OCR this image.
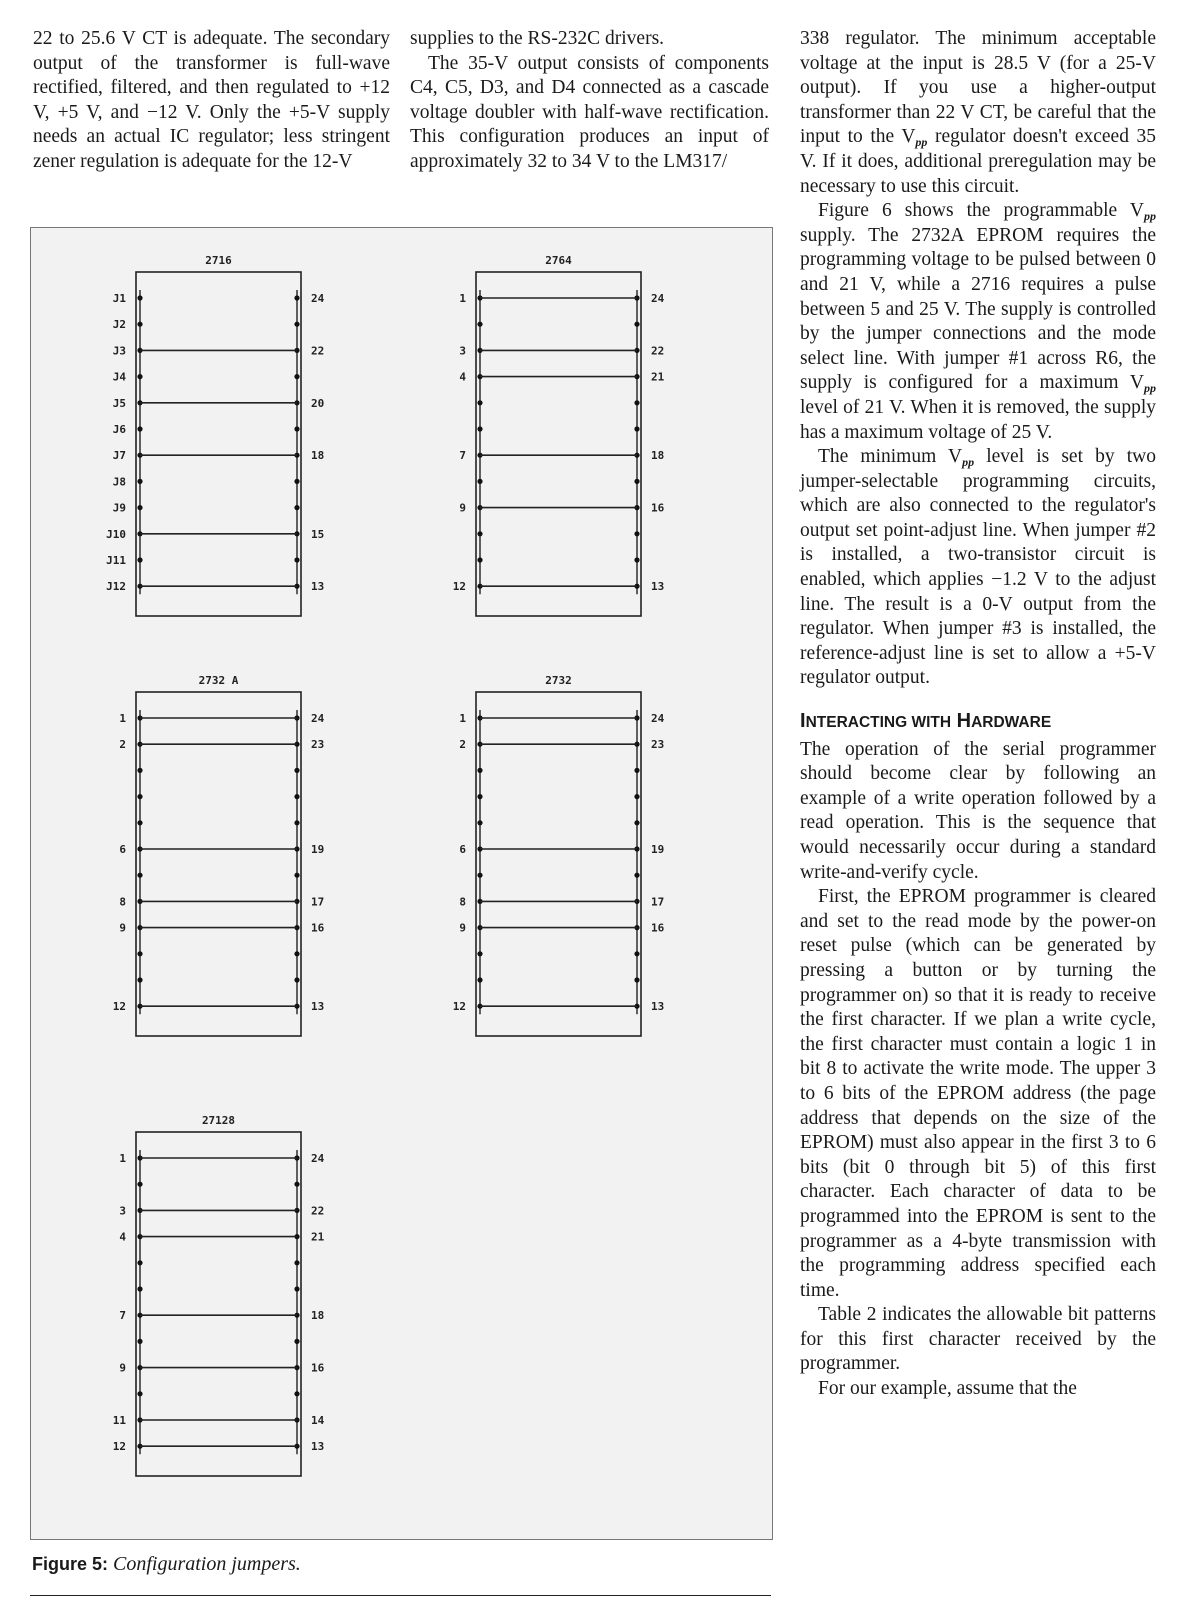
22 to 25.6 V CT is adequate. The secondary output of the transformer is full-wave rectified, filtered, and then regulated to +12 V, +5 V, and −12 V. Only the +5-V supply needs an actual IC regulator; less stringent zener regulation is adequate for the 12-V

supplies to the RS-232C drivers.

The 35-V output consists of components C4, C5, D3, and D4 connected as a cascade voltage doubler with half-wave rectification. This configuration produces an input of approximately 32 to 34 V to the LM317/

338 regulator. The minimum acceptable voltage at the input is 28.5 V (for a 25-V output). If you use a higher-output transformer than 22 V CT, be careful that the input to the $V_{pp}$ regulator doesn't exceed 35 V. If it does, additional preregulation may be necessary to use this circuit.

Figure 6 shows the programmable $V_{pp}$ supply. The 2732A EPROM requires the programming voltage to be pulsed between 0 and 21 V, while a 2716 requires a pulse between 5 and 25 V. The supply is controlled by the jumper connections and the mode select line. With jumper #1 across R6, the supply is configured for a maximum $V_{pp}$ level of 21 V. When it is removed, the supply has a maximum voltage of 25 V.

The minimum $V_{pp}$ level is set by two jumper-selectable programming circuits, which are also connected to the regulator's output set point-adjust line. When jumper #2 is installed, a two-transistor circuit is enabled, which applies −1.2 V to the adjust line. The result is a 0-V output from the regulator. When jumper #3 is installed, the reference-adjust line is set to allow a +5-V regulator output.

INTERACTING WITH HARDWARE

The operation of the serial programmer should become clear by following an example of a write operation followed by a read operation. This is the sequence that would necessarily occur during a standard write-and-verify cycle.

First, the EPROM programmer is cleared and set to the read mode by the power-on reset pulse (which can be generated by pressing a button or by turning the programmer on) so that it is ready to receive the first character. If we plan a write cycle, the first character must contain a logic 1 in bit 8 to activate the write mode. The upper 3 to 6 bits of the EPROM address (the page address that depends on the size of the EPROM) must also appear in the first 3 to 6 bits (bit 0 through bit 5) of this first character. Each character of data to be programmed into the EPROM is sent to the programmer as a 4-byte transmission with the programming address specified each time.

Table 2 indicates the allowable bit patterns for this first character received by the programmer.

For our example, assume that the

2716
J1	24
J2
J3	22
J4
J5	20
J6
J7	18
J8
J9
J10	15
J11
J12	13
2764
1	24
3	22
4	21
7	18
9	16
12	13
2732 A
1	24
2	23
6	19
8	17
9	16
12	13
2732
1	24
2	23
6	19
8	17
9	16
12	13
27128
1	24
3	22
4	21
7	18
9	16
11	14
12	13
Figure 5: Configuration jumpers.
